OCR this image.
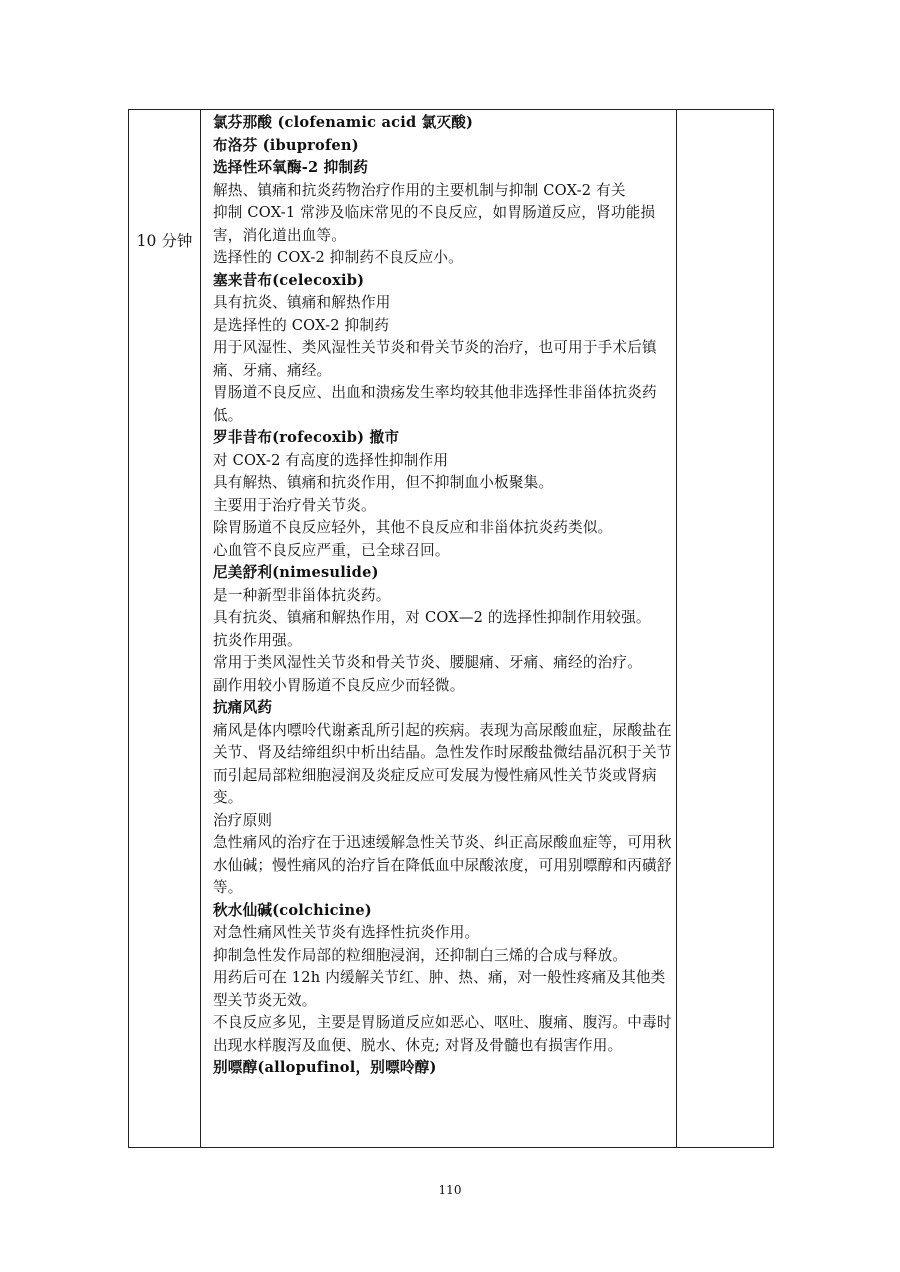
10 分钟

氯芬那酸 (clofenamic acid 氯灭酸)

布洛芬 (ibuprofen)

选择性环氧酶-2 抑制药

解热、镇痛和抗炎药物治疗作用的主要机制与抑制 COX-2 有关

抑制 COX-1 常涉及临床常见的不良反应，如胃肠道反应，肾功能损害，消化道出血等。

选择性的 COX-2 抑制药不良反应小。

塞来昔布(celecoxib)

具有抗炎、镇痛和解热作用

是选择性的 COX-2 抑制药

用于风湿性、类风湿性关节炎和骨关节炎的治疗，也可用于手术后镇痛、牙痛、痛经。

胃肠道不良反应、出血和溃疡发生率均较其他非选择性非甾体抗炎药低。

罗非昔布(rofecoxib) 撤市

对 COX-2 有高度的选择性抑制作用

具有解热、镇痛和抗炎作用，但不抑制血小板聚集。

主要用于治疗骨关节炎。

除胃肠道不良反应轻外，其他不良反应和非甾体抗炎药类似。

心血管不良反应严重，已全球召回。

尼美舒利(nimesulide)

是一种新型非甾体抗炎药。

具有抗炎、镇痛和解热作用，对 COX—2 的选择性抑制作用较强。

抗炎作用强。

常用于类风湿性关节炎和骨关节炎、腰腿痛、牙痛、痛经的治疗。

副作用较小胃肠道不良反应少而轻微。

抗痛风药

痛风是体内嘌呤代谢紊乱所引起的疾病。表现为高尿酸血症，尿酸盐在关节、肾及结缔组织中析出结晶。急性发作时尿酸盐微结晶沉积于关节而引起局部粒细胞浸润及炎症反应可发展为慢性痛风性关节炎或肾病变。

治疗原则

急性痛风的治疗在于迅速缓解急性关节炎、纠正高尿酸血症等，可用秋水仙碱；慢性痛风的治疗旨在降低血中尿酸浓度，可用别嘌醇和丙磺舒等。

秋水仙碱(colchicine)

对急性痛风性关节炎有选择性抗炎作用。

抑制急性发作局部的粒细胞浸润，还抑制白三烯的合成与释放。

用药后可在 12h 内缓解关节红、肿、热、痛，对一般性疼痛及其他类型关节炎无效。

不良反应多见，主要是胃肠道反应如恶心、呕吐、腹痛、腹泻。中毒时出现水样腹泻及血便、脱水、休克; 对肾及骨髓也有损害作用。

别嘌醇(allopufinol，别嘌呤醇)

110
